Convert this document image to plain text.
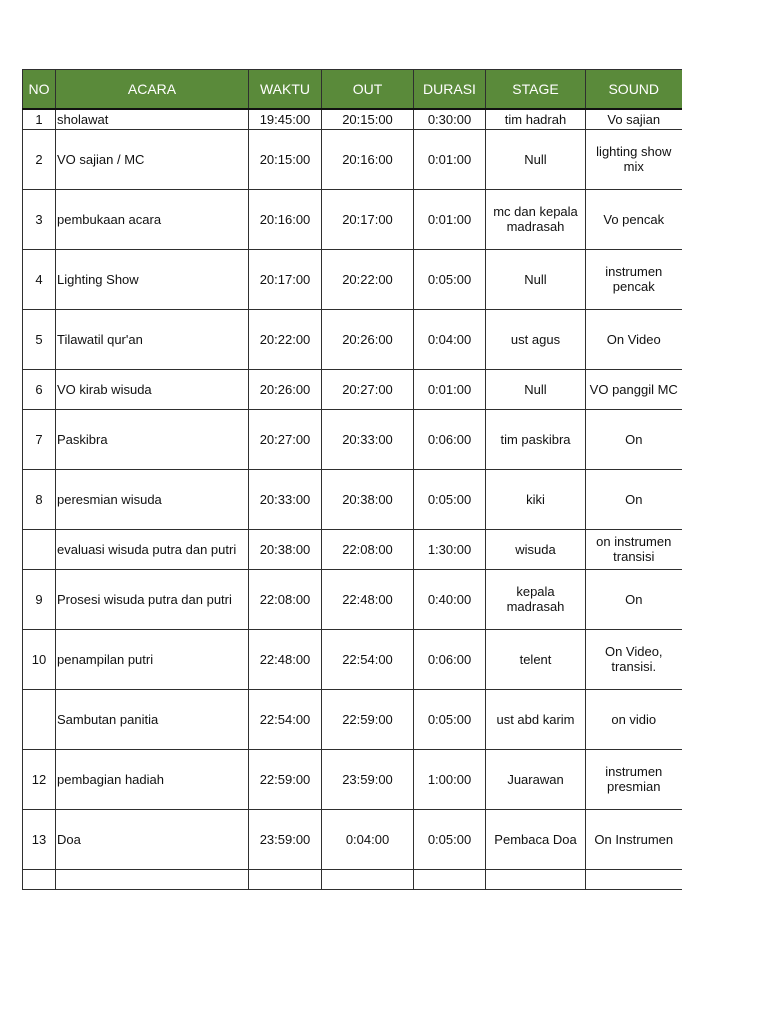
NO	ACARA	WAKTU	OUT	DURASI	STAGE	SOUND
1	sholawat	19:45:00	20:15:00	0:30:00	tim hadrah	Vo sajian
2	VO sajian / MC	20:15:00	20:16:00	0:01:00	Null	lighting show mix
3	pembukaan acara	20:16:00	20:17:00	0:01:00	mc dan kepala madrasah	Vo pencak
4	Lighting Show	20:17:00	20:22:00	0:05:00	Null	instrumen pencak
5	Tilawatil qur'an	20:22:00	20:26:00	0:04:00	ust agus	On Video
6	VO kirab wisuda	20:26:00	20:27:00	0:01:00	Null	VO panggil MC
7	Paskibra	20:27:00	20:33:00	0:06:00	tim paskibra	On
8	peresmian wisuda	20:33:00	20:38:00	0:05:00	kiki	On
	evaluasi wisuda putra dan putri	20:38:00	22:08:00	1:30:00	wisuda	on instrumen transisi
9	Prosesi wisuda putra dan putri	22:08:00	22:48:00	0:40:00	kepala madrasah	On
10	penampilan putri	22:48:00	22:54:00	0:06:00	telent	On Video, transisi.
	Sambutan panitia	22:54:00	22:59:00	0:05:00	ust abd karim	on vidio
12	pembagian hadiah	22:59:00	23:59:00	1:00:00	Juarawan	instrumen presmian
13	Doa	23:59:00	0:04:00	0:05:00	Pembaca Doa	On Instrumen
